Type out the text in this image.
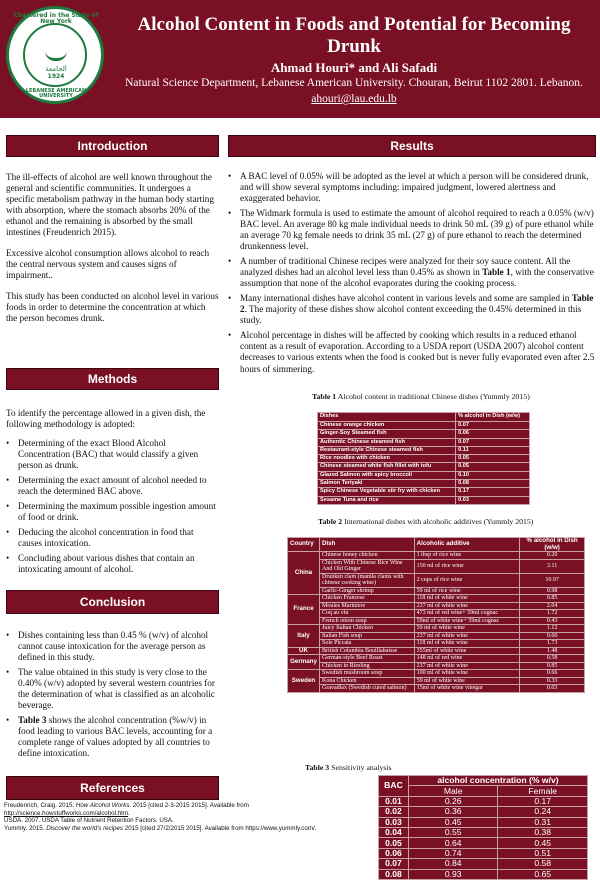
الجامعة
1924
Chartered in the State of New York
LEBANESE AMERICAN UNIVERSITY
Alcohol Content in Foods and Potential for Becoming Drunk
Ahmad Houri* and Ali Safadi
Natural Science Department, Lebanese American University. Chouran, Beirut 1102 2801. Lebanon.
ahouri@lau.edu.lb
Introduction

The ill-effects of alcohol are well known throughout the general and scientific communities. It undergoes a specific metabolism pathway in the human body starting with absorption, where the stomach absorbs 20% of the ethanol and the remaining is absorbed by the small intestines (Freudenrich 2015).

Excessive alcohol consumption allows alcohol to reach the central nervous system and causes signs of impairment..

This study has been conducted on alcohol level in various foods in order to determine the concentration at which the person becomes drunk.

Methods

To identify the percentage allowed in a given dish, the following methodology is adopted:

• Determining of the exact Blood Alcohol Concentration (BAC) that would classify a given person as drunk.
• Determining the exact amount of alcohol needed to reach the determined BAC above.
• Determining the maximum possible ingestion amount of food or drink.
• Deducing the alcohol concentration in food that causes intoxication.
• Concluding about various dishes that contain an intoxicating amount of alcohol.
Conclusion
• Dishes containing less than 0.45 % (w/v) of alcohol cannot cause intoxication for the average person as defined in this study.
• The value obtained in this study is very close to the 0.40% (w/v) adopted by several western countries for the determination of what is classified as an alcoholic beverage.
• Table 3 shows the alcohol concentration (%w/v) in food leading to various BAC levels, accounting for a complete range of values adopted by all countries to define intoxication.
References

Freudenrich, Craig. 2015. How Alcohol Works. 2015 [cited 2-3-2015 2015]. Available from
http://science.howstuffworks.com/alcohol.htm.

USDA. 2007. USDA Table of Nutrient Retention Factors. USA.

Yummly. 2015. Discover the world's recipes 2015 [cited 27/2/2015 2015]. Available from https://www.yummly.com/.

Results
• A BAC level of 0.05% will be adopted as the level at which a person will be considered drunk, and will show several symptoms including: impaired judgment, lowered alertness and exaggerated behavior.
• The Widmark formula is used to estimate the amount of alcohol required to reach a 0.05% (w/v) BAC level. An average 80 kg male individual needs to drink 50 mL (39 g) of pure ethanol while an average 70 kg female needs to drink 35 mL (27 g) of pure ethanol to reach the determined drunkenness level.
• A number of traditional Chinese recipes were analyzed for their soy sauce content. All the analyzed dishes had an alcohol level less than 0.45% as shown in Table 1, with the conservative assumption that none of the alcohol evaporates during the cooking process.
• Many international dishes have alcohol content in various levels and some are sampled in Table 2. The majority of these dishes show alcohol content exceeding the 0.45% determined in this study.
• Alcohol percentage in dishes will be affected by cooking which results in a reduced ethanol content as a result of evaporation. According to a USDA report (USDA 2007) alcohol content decreases to various extents when the food is cooked but is never fully evaporated even after 2.5 hours of simmering.
Table 1 Alcohol content in traditional Chinese dishes (Yummly 2015)
Dishes	% alcohol in Dish (w/w)
Chinese orange chicken	0.07
Ginger-Soy Steamed fish	0.06
Authentic Chinese steamed fish	0.07
Restaurant-style Chinese steamed fish	0.11
Rice noodles with chicken	0.05
Chinese steamed white fish fillet with tofu	0.05
Glazed Salmon with spicy broccoli	0.10
Salmon Teriyaki	0.08
Spicy Chinese Vegetable stir fry with chicken	0.17
Sesame Tuna and rice	0.03
Table 2 International dishes with alcoholic additives (Yummly 2015)
Country	Dish	Alcoholic additive	% alcohol in Dish (w/w)
China	Chinese honey chicken	1 tbsp of rice wine	0.20
	Chicken With Chinese Rice Wine And Old Ginger	150 ml of rice wine	3.11
	Drunken clam (manila clams with chinese cooking wine)	2 cups of rice wine	10.97
	Garlic-Ginger shrimp	59 ml of rice wine	0.98
France	Chicken Francese	118 ml of white wine	0.85
	Moules Mariniere	237 ml of white wine	2.04
	Coq au vin	473 ml of red wine+ 59ml cognac	1.72
	French onion soup	59ml of white wine+ 59ml cognac	0.43
Italy	Juicy Italian Chicken	59 ml of white wine	1.12
	Italian Fish soup	237 ml of white wine	0.60
	Sole Piccata	118 ml of white wine	1.73
UK	British Columbia Bouillabaisse	355ml of white wine	1.48
Germany	German-style Beef Roast	148 ml of red wine	0.58
	Chicken in Riesling	237 ml of white wine	0.85
Sweden	Swedish mushroom soup	100 ml of white wine	0.66
	Kona Chicken	59 ml of white wine	0.33
	Gravadlax (Swedish cured salmon)	15ml of white wine vinegar	0.03
Table 3 Sensitivity analysis
BAC	alcohol concentration (% w/v)	
	Male	Female
0.01	0.26	0.17
0.02	0.36	0.24
0.03	0.45	0.31
0.04	0.55	0.38
0.05	0.64	0.45
0.06	0.74	0.51
0.07	0.84	0.58
0.08	0.93	0.65
